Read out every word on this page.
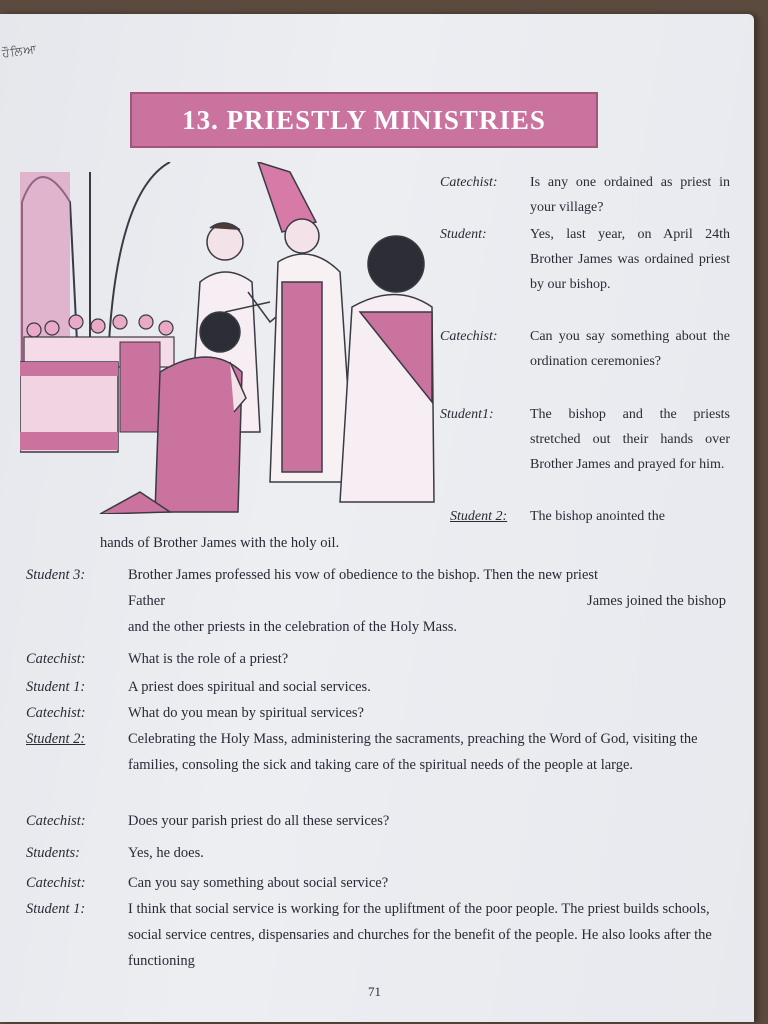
ਹੌਲਿਆ
13. PRIESTLY MINISTRIES
Catechist:	Is any one ordained as priest in your village?
Student:	Yes, last year, on April 24th Brother James was ordained priest by our bishop.
Catechist:	Can you say something about the ordination ceremonies?
Student1:	The bishop and the priests stretched out their hands over Brother James and prayed for him.
Student 2:	The bishop anointed the
hands of Brother James with the holy oil.
Student 3:	Brother James professed his vow of obedience to the bishop. Then the new priest
Father	James joined the bishop
and the other priests in the celebration of the Holy Mass.
Catechist:	What is the role of a priest?
Student 1:	A priest does spiritual and social services.
Catechist:	What do you mean by spiritual services?
Student 2:	Celebrating the Holy Mass, administering the sacraments, preaching the Word of God, visiting the families, consoling the sick and taking care of the spiritual needs of the people at large.
Catechist:	Does your parish priest do all these services?
Students:	Yes, he does.
Catechist:	Can you say something about social service?
Student 1:	I think that social service is working for the upliftment of the poor people. The priest builds schools, social service centres, dispensaries and churches for the benefit of the people. He also looks after the functioning
71
